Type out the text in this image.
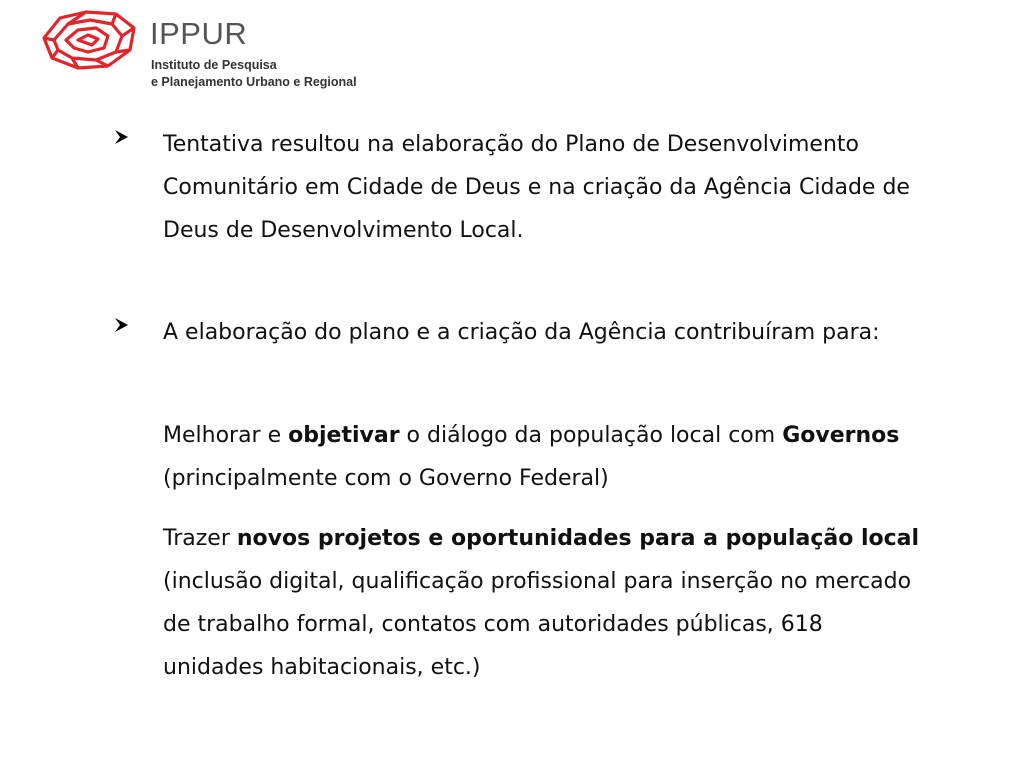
IPPUR
Instituto de Pesquisa
e Planejamento Urbano e Regional
Tentativa resultou na elaboração do Plano de Desenvolvimento Comunitário em Cidade de Deus e na criação da Agência Cidade de Deus de Desenvolvimento Local.
A elaboração do plano e a criação da Agência contribuíram para:
Melhorar e objetivar o diálogo da população local com Governos (principalmente com o Governo Federal)
Trazer novos projetos e oportunidades para a população local (inclusão digital, qualificação profissional para inserção no mercado de trabalho formal, contatos com autoridades públicas, 618 unidades habitacionais, etc.)
